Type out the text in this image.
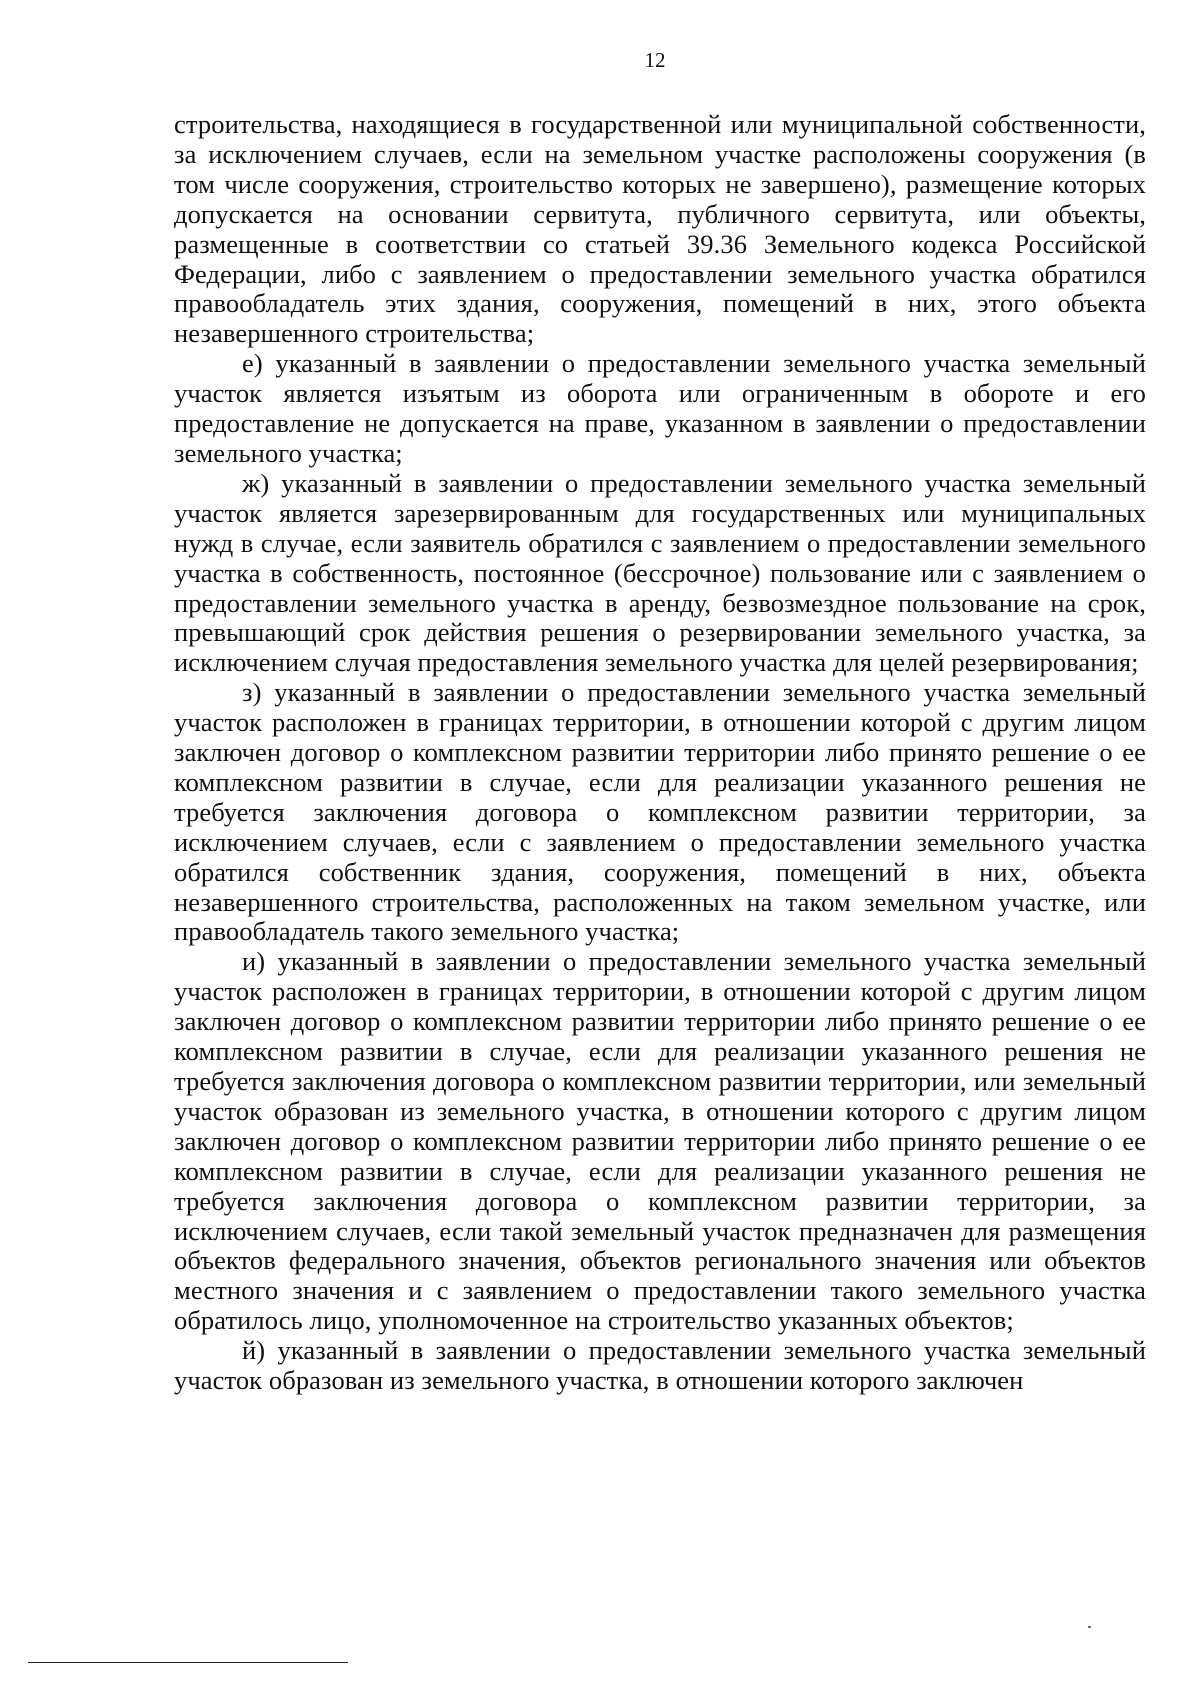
12

строительства, находящиеся в государственной или муниципальной собственности, за исключением случаев, если на земельном участке расположены сооружения (в том числе сооружения, строительство которых не завершено), размещение которых допускается на основании сервитута, публичного сервитута, или объекты, размещенные в соответствии со статьей 39.36 Земельного кодекса Российской Федерации, либо с заявлением о предоставлении земельного участка обратился правообладатель этих здания, сооружения, помещений в них, этого объекта незавершенного строительства;

е) указанный в заявлении о предоставлении земельного участка земельный участок является изъятым из оборота или ограниченным в обороте и его предоставление не допускается на праве, указанном в заявлении о предоставлении земельного участка;

ж) указанный в заявлении о предоставлении земельного участка земельный участок является зарезервированным для государственных или муниципальных нужд в случае, если заявитель обратился с заявлением о предоставлении земельного участка в собственность, постоянное (бессрочное) пользование или с заявлением о предоставлении земельного участка в аренду, безвозмездное пользование на срок, превышающий срок действия решения о резервировании земельного участка, за исключением случая предоставления земельного участка для целей резервирования;

з) указанный в заявлении о предоставлении земельного участка земельный участок расположен в границах территории, в отношении которой с другим лицом заключен договор о комплексном развитии территории либо принято решение о ее комплексном развитии в случае, если для реализации указанного решения не требуется заключения договора о комплексном развитии территории, за исключением случаев, если с заявлением о предоставлении земельного участка обратился собственник здания, сооружения, помещений в них, объекта незавершенного строительства, расположенных на таком земельном участке, или правообладатель такого земельного участка;

и) указанный в заявлении о предоставлении земельного участка земельный участок расположен в границах территории, в отношении которой с другим лицом заключен договор о комплексном развитии территории либо принято решение о ее комплексном развитии в случае, если для реализации указанного решения не требуется заключения договора о комплексном развитии территории, или земельный участок образован из земельного участка, в отношении которого с другим лицом заключен договор о комплексном развитии территории либо принято решение о ее комплексном развитии в случае, если для реализации указанного решения не требуется заключения договора о комплексном развитии территории, за исключением случаев, если такой земельный участок предназначен для размещения объектов федерального значения, объектов регионального значения или объектов местного значения и с заявлением о предоставлении такого земельного участка обратилось лицо, уполномоченное на строительство указанных объектов;

й) указанный в заявлении о предоставлении земельного участка земельный участок образован из земельного участка, в отношении которого заключен
